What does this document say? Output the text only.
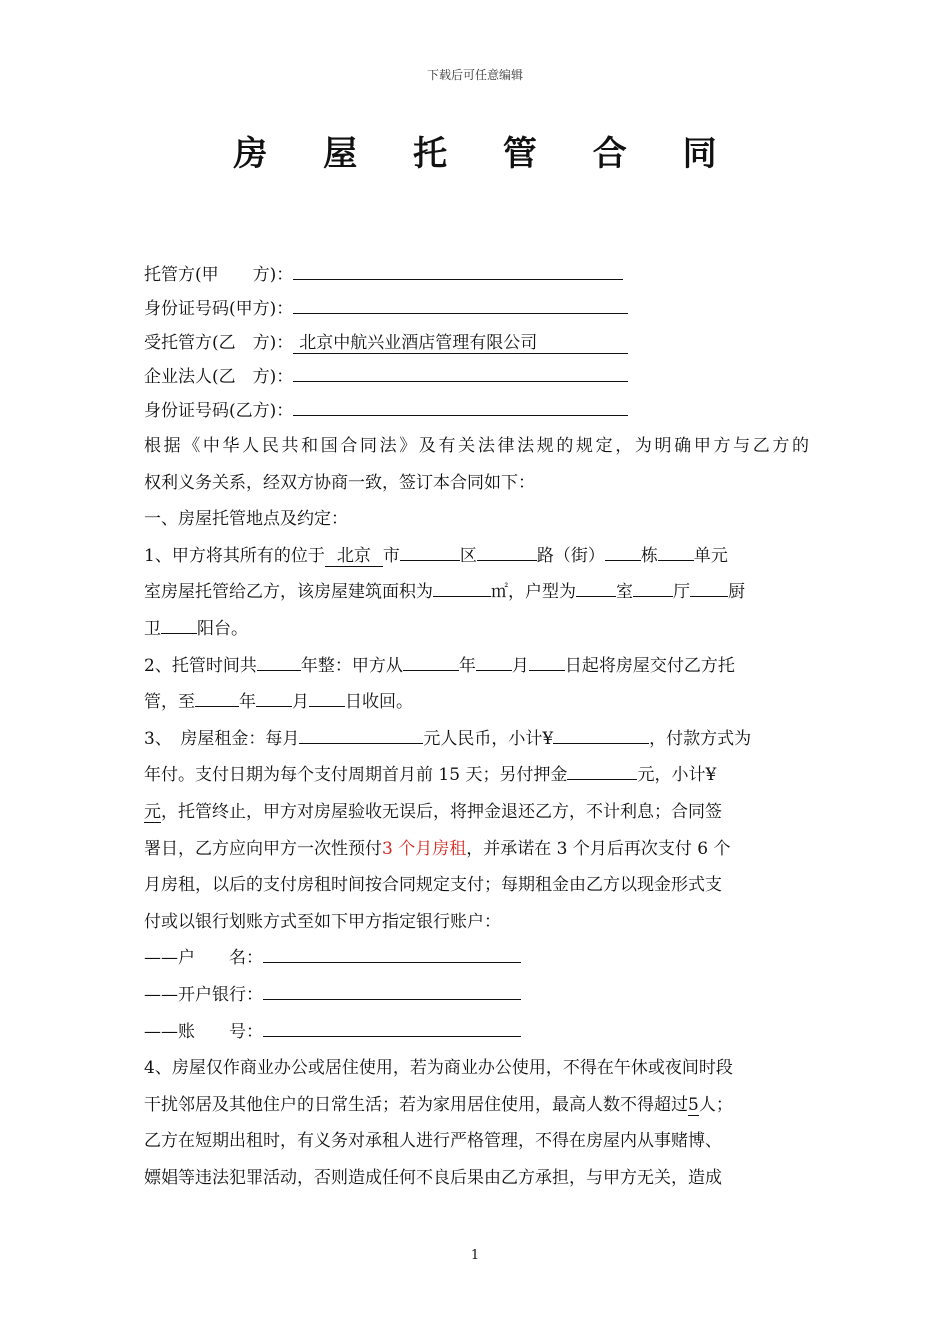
下载后可任意编辑
房 屋 托 管 合 同
托管方(甲　　方)：
身份证号码(甲方)：
受托管方(乙　方)： 北京中航兴业酒店管理有限公司
企业法人(乙　方)：
身份证号码(乙方)：
根据《中华人民共和国合同法》及有关法律法规的规定，为明确甲方与乙方的
权利义务关系，经双方协商一致，签订本合同如下：
一、房屋托管地点及约定：
1、甲方将其所有的位于 北京 市	区	路（街） 栋 单元
室房屋托管给乙方，该房屋建筑面积为	㎡，户型为 室 厅 厨
卫 阳台。
2、托管时间共	年整：甲方从	年 月 日起将房屋交付乙方托
管，至	年 月 日收回。
3、　房屋租金：每月	元人民币，小计¥	，付款方式为
年付。支付日期为每个支付周期首月前 15 天；另付押金	元，小计¥
元，托管终止，甲方对房屋验收无误后，将押金退还乙方，不计利息；合同签
署日，乙方应向甲方一次性预付3 个月房租，并承诺在 3 个月后再次支付 6 个
月房租，以后的支付房租时间按合同规定支付；每期租金由乙方以现金形式支
付或以银行划账方式至如下甲方指定银行账户：
——户　　名：
——开户银行：
——账　　号：
4、房屋仅作商业办公或居住使用，若为商业办公使用，不得在午休或夜间时段
干扰邻居及其他住户的日常生活；若为家用居住使用，最高人数不得超过5人；
乙方在短期出租时，有义务对承租人进行严格管理，不得在房屋内从事赌博、
嫖娼等违法犯罪活动，否则造成任何不良后果由乙方承担，与甲方无关，造成
1
